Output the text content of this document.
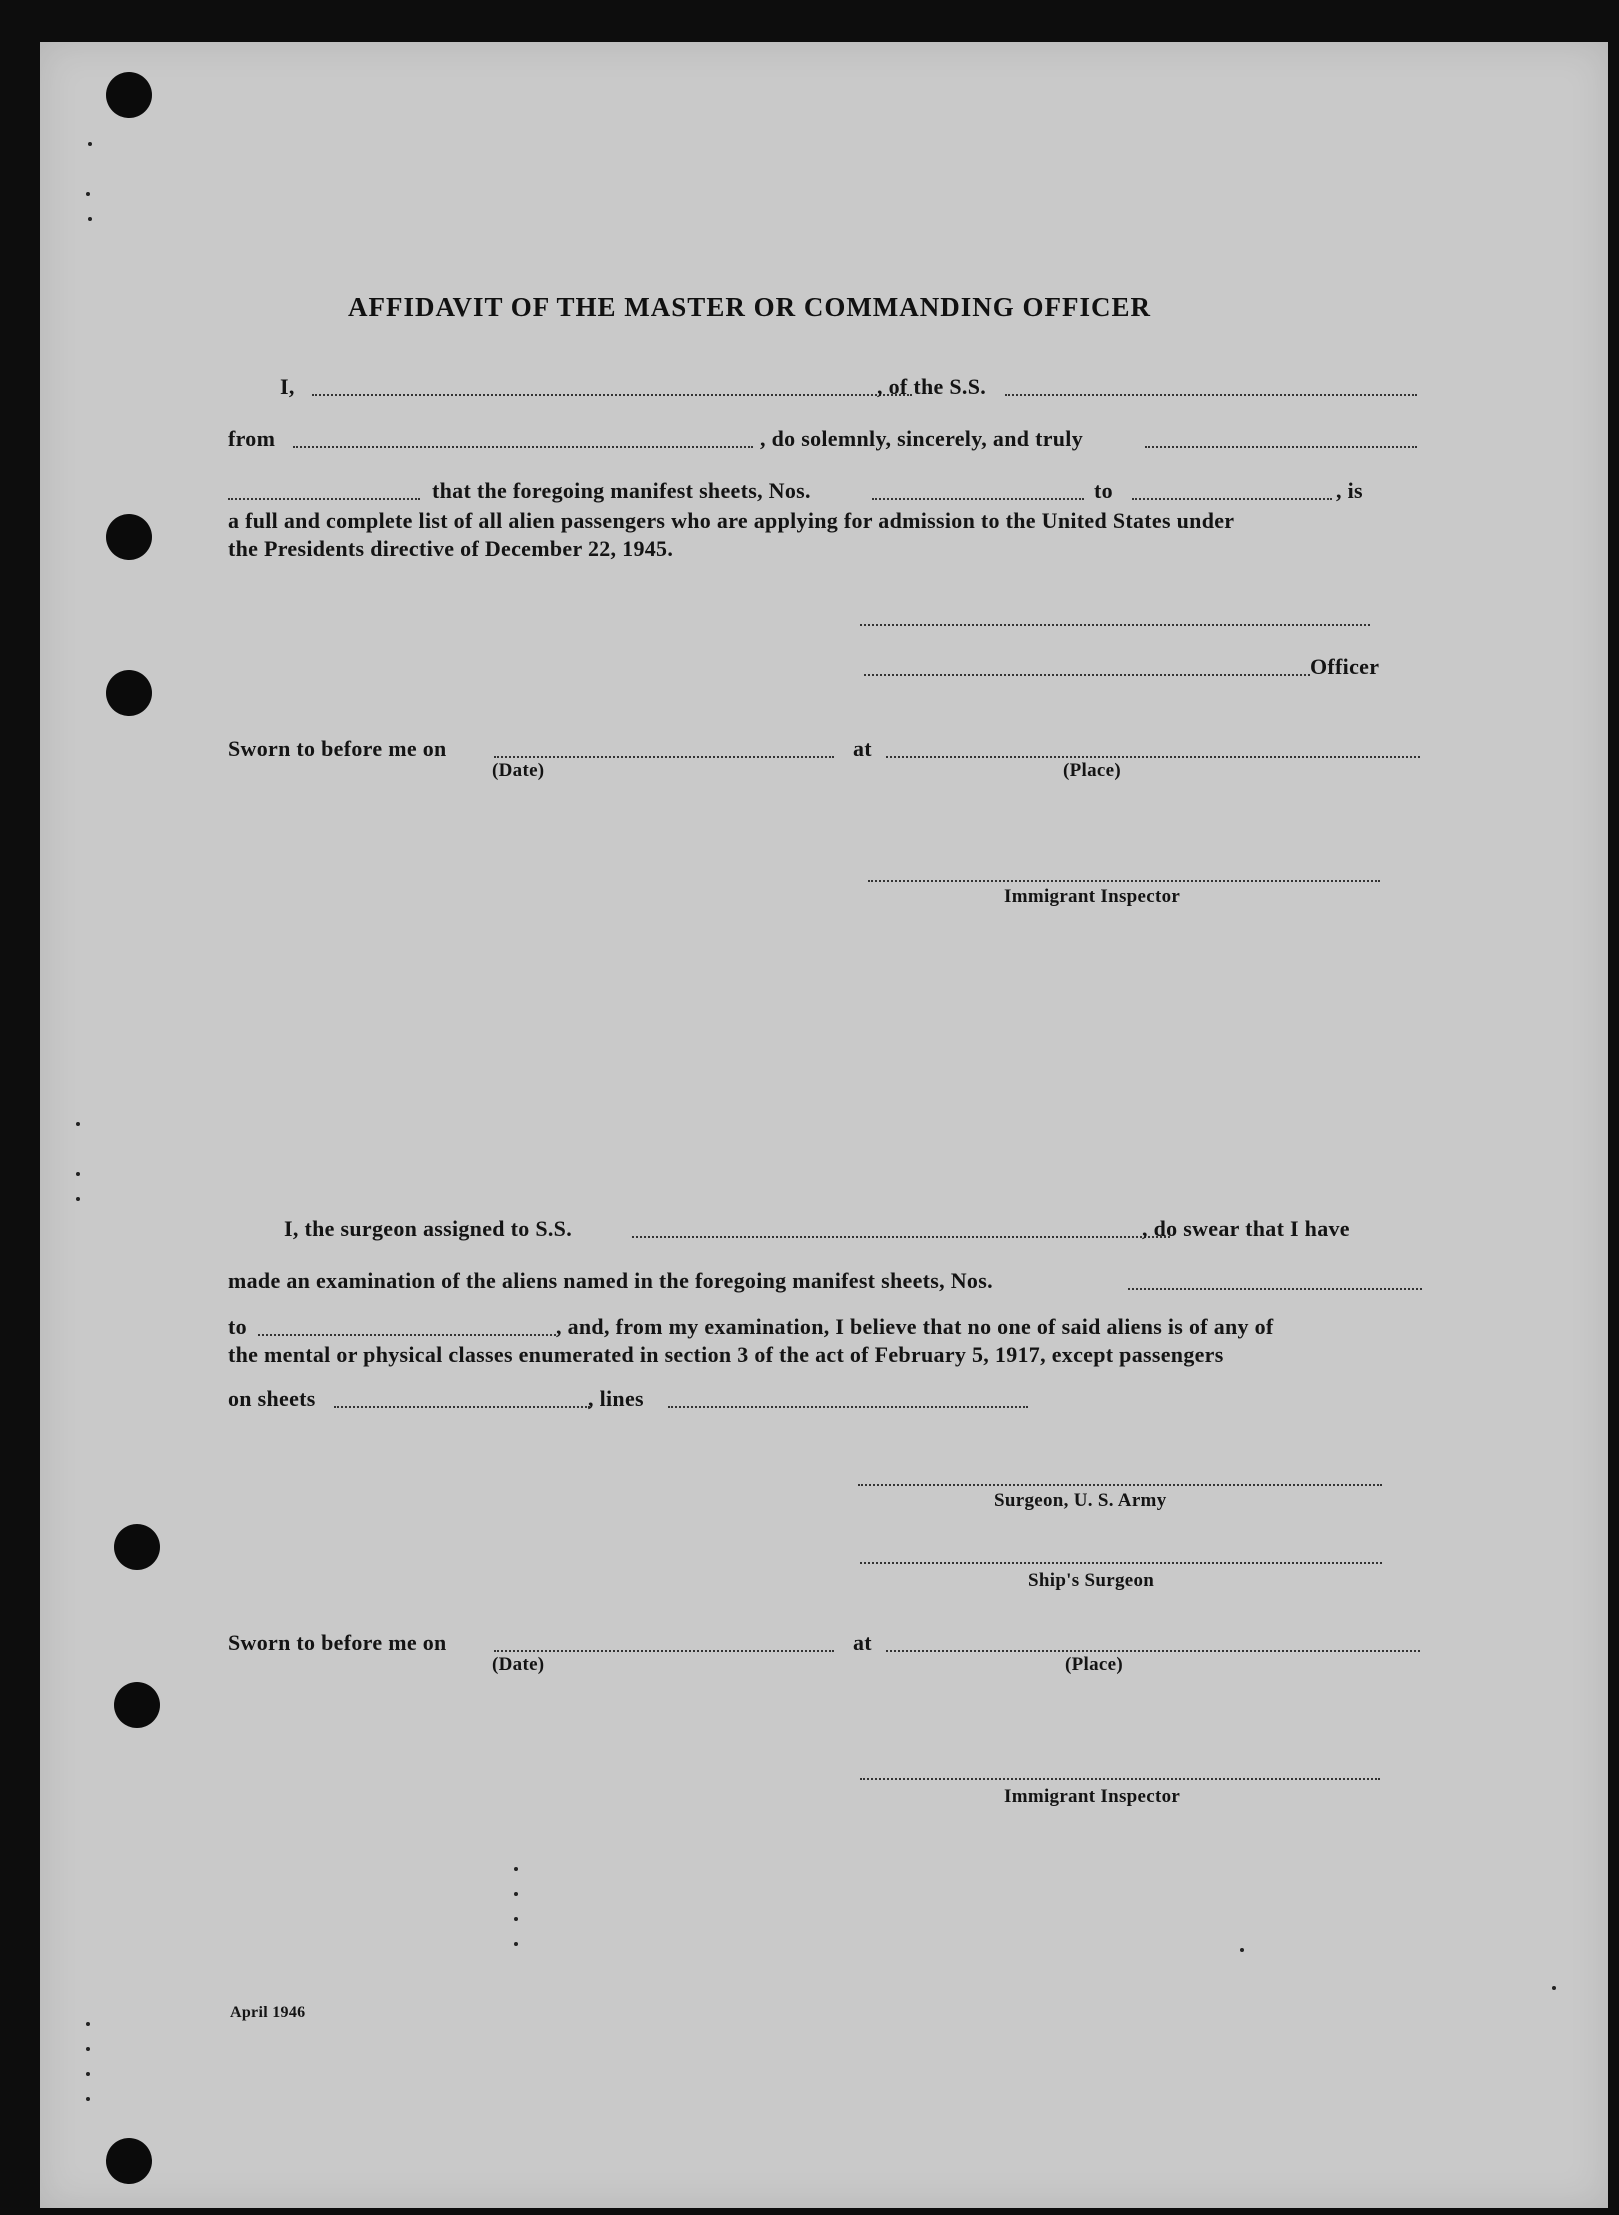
AFFIDAVIT OF THE MASTER OR COMMANDING OFFICER
I,	, of the S.S.
from	, do solemnly, sincerely, and truly
that the foregoing manifest sheets, Nos.	to	, is
a full and complete list of all alien passengers who are applying for admission to the United States under
the Presidents directive of December 22, 1945.
Officer
Sworn to before me on
(Date)
at
(Place)
Immigrant Inspector
I, the surgeon assigned to S.S.	, do swear that I have
made an examination of the aliens named in the foregoing manifest sheets, Nos.
to	, and, from my examination, I believe that no one of said aliens is of any of
the mental or physical classes enumerated in section 3 of the act of February 5, 1917, except passengers
on sheets	, lines
Surgeon, U. S. Army
Ship's Surgeon
Sworn to before me on
(Date)
at
(Place)
Immigrant Inspector
April 1946
